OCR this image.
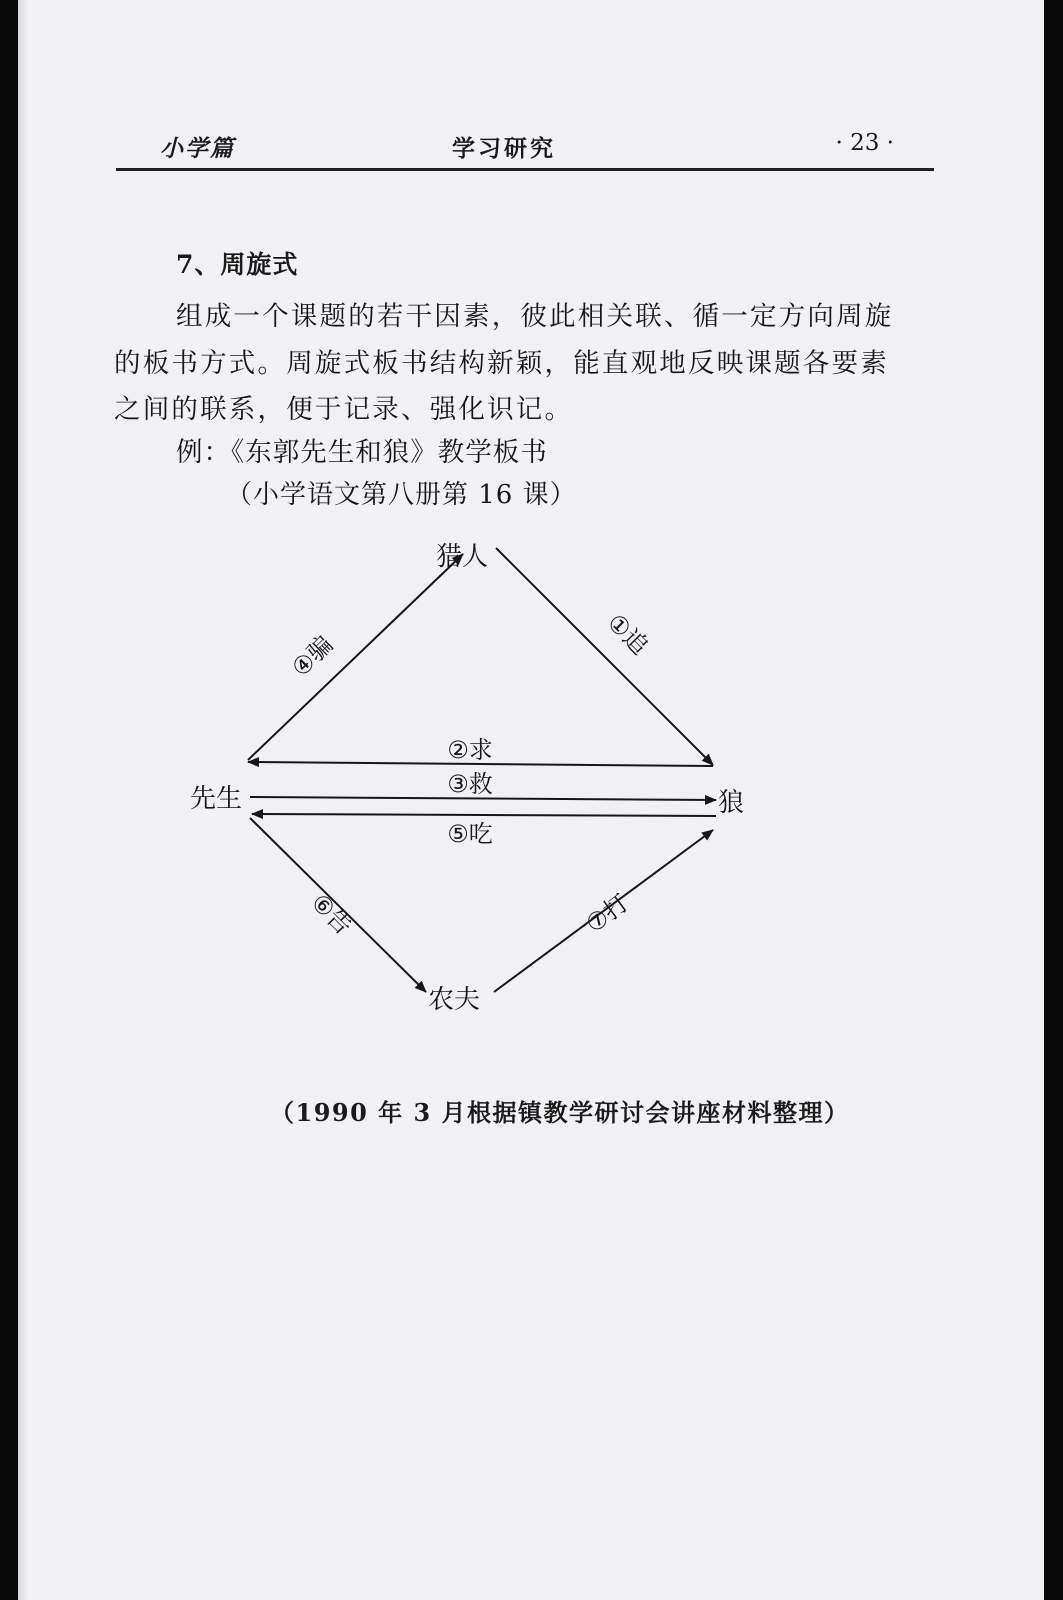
小学篇	学习研究	· 23 ·
7、周旋式
组成一个课题的若干因素，彼此相关联、循一定方向周旋
的板书方式。周旋式板书结构新颖，能直观地反映课题各要素
之间的联系，便于记录、强化识记。
例：《东郭先生和狼》教学板书
（小学语文第八册第 16 课）
猎人
先生	狼
农夫
①追
②求
③救
④骗
⑤吃
⑥告	⑦打
（1990 年 3 月根据镇教学研讨会讲座材料整理）
